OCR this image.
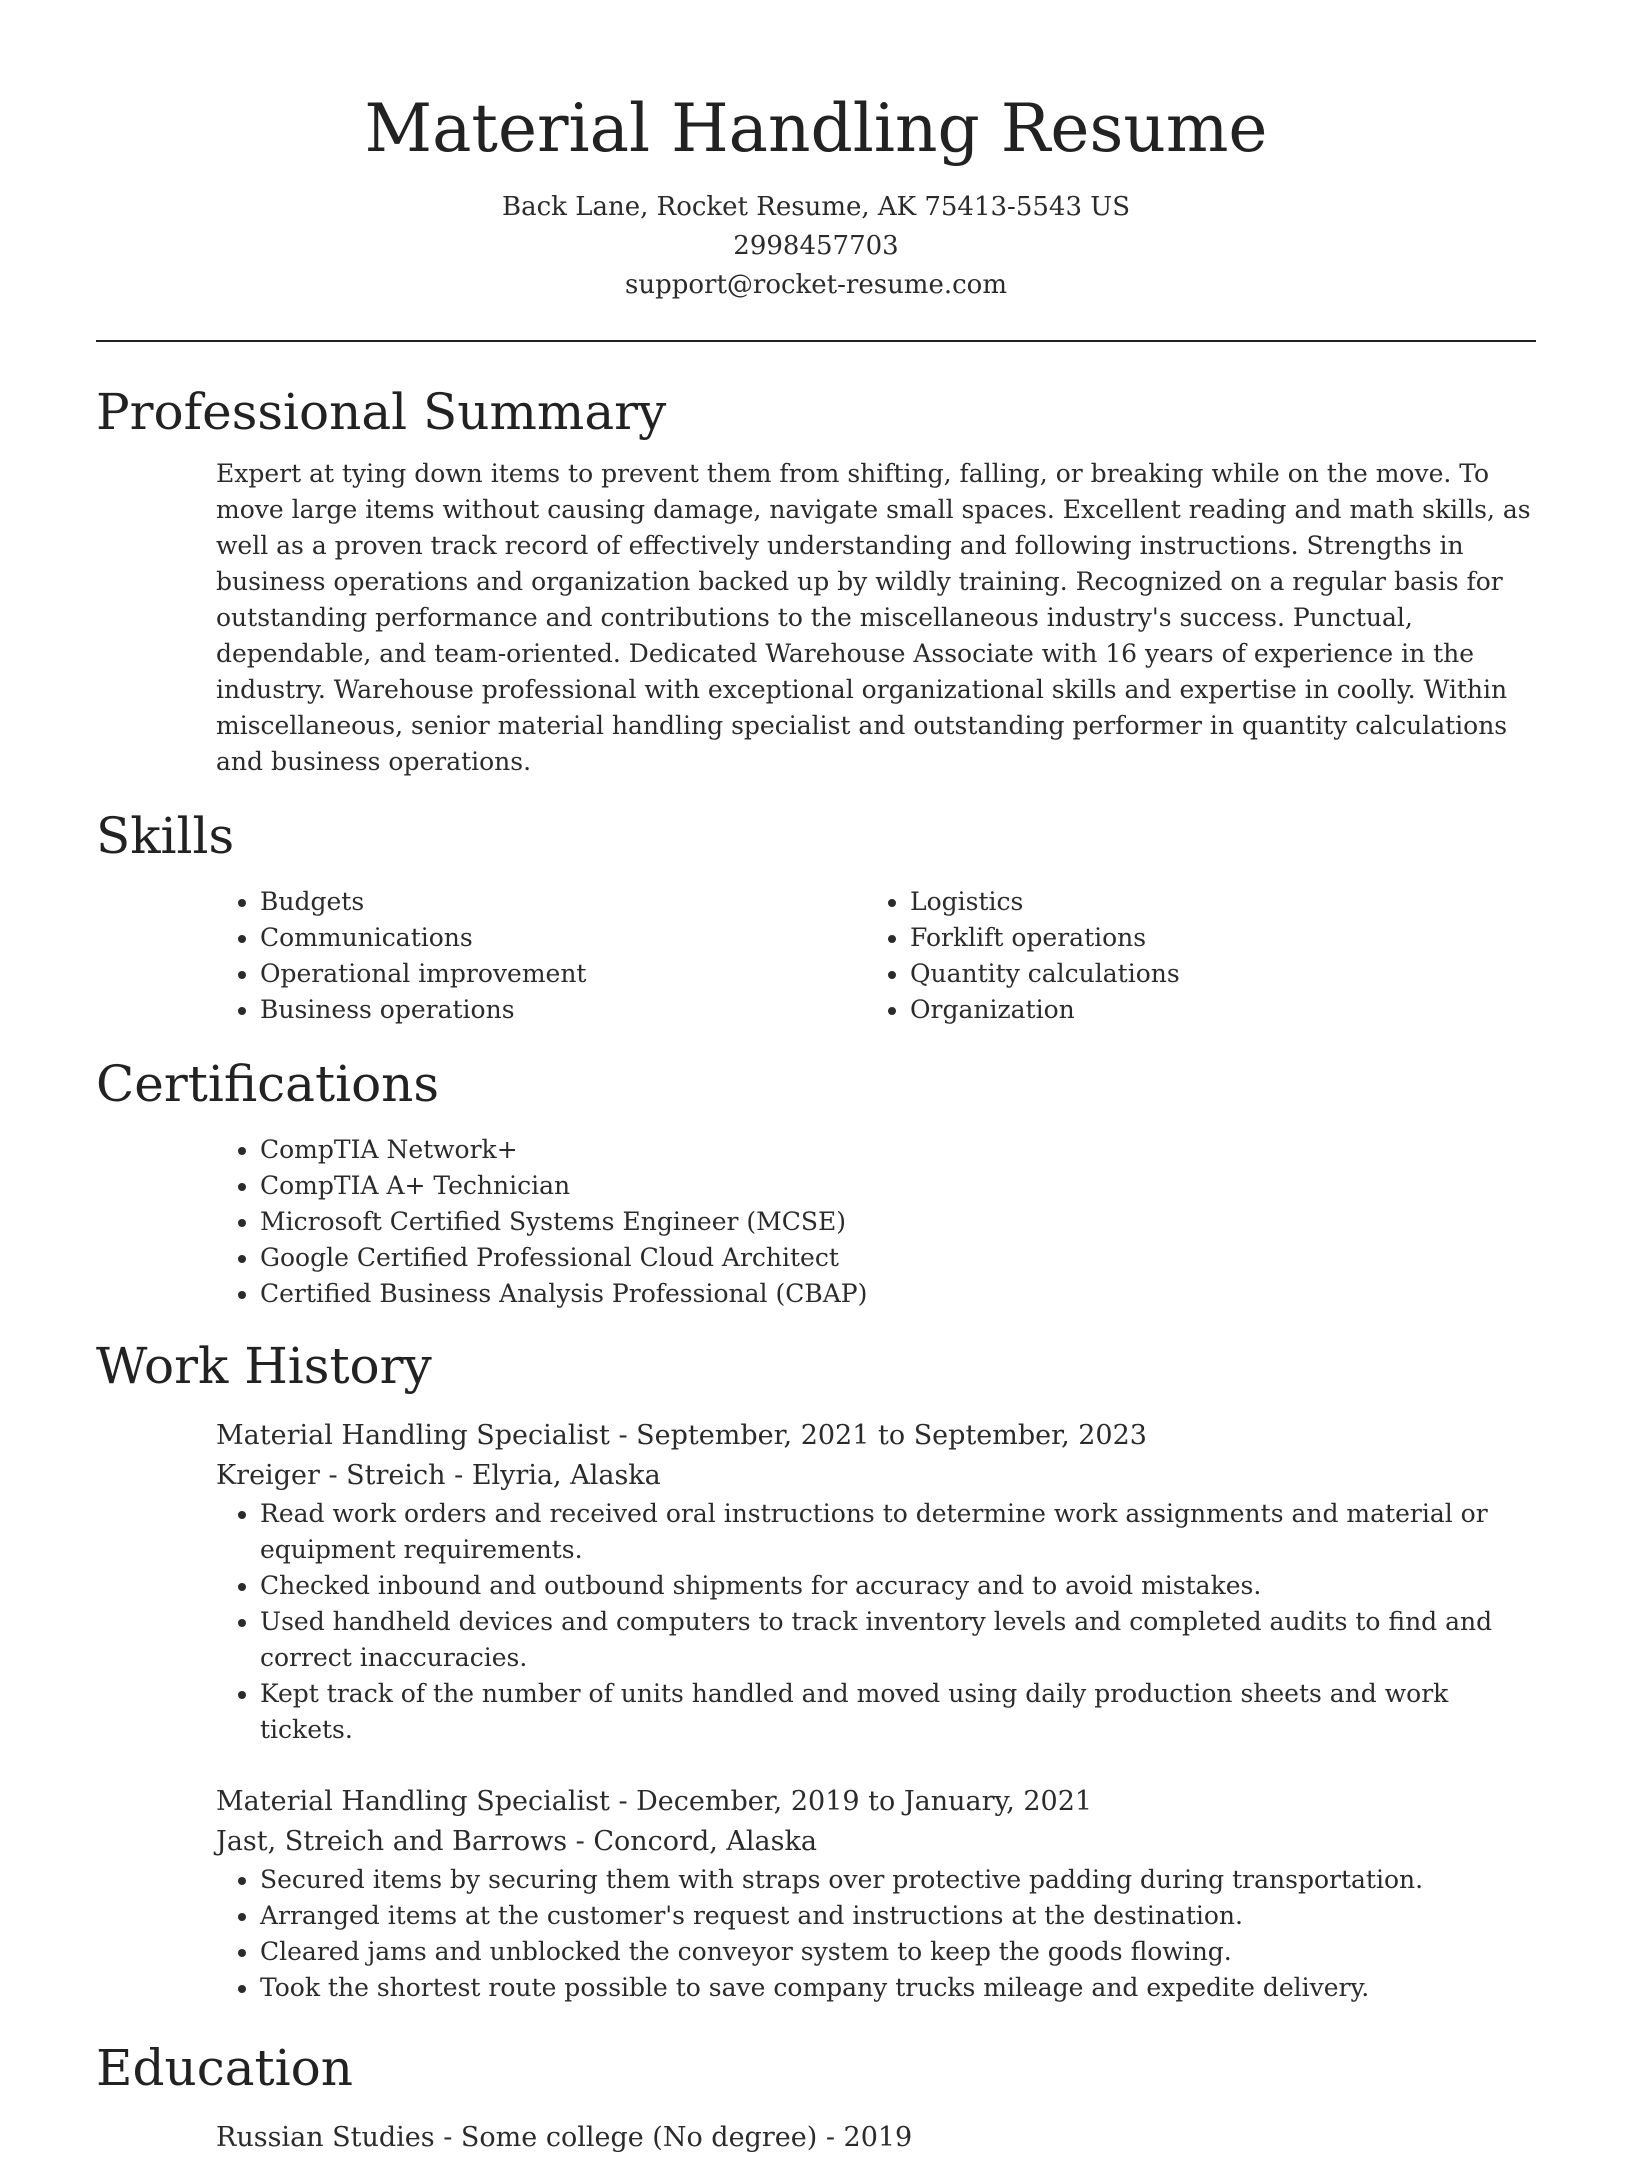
Material Handling Resume
Back Lane, Rocket Resume, AK 75413-5543 US
2998457703
support@rocket-resume.com
Professional Summary

Expert at tying down items to prevent them from shifting, falling, or breaking while on the move. To move large items without causing damage, navigate small spaces. Excellent reading and math skills, as well as a proven track record of effectively understanding and following instructions. Strengths in business operations and organization backed up by wildly training. Recognized on a regular basis for outstanding performance and contributions to the miscellaneous industry's success. Punctual, dependable, and team-oriented. Dedicated Warehouse Associate with 16 years of experience in the industry. Warehouse professional with exceptional organizational skills and expertise in coolly. Within miscellaneous, senior material handling specialist and outstanding performer in quantity calculations and business operations.

Skills
• Budgets
• Communications
• Operational improvement
• Business operations
• Logistics
• Forklift operations
• Quantity calculations
• Organization
Certifications
• CompTIA Network+
• CompTIA A+ Technician
• Microsoft Certified Systems Engineer (MCSE)
• Google Certified Professional Cloud Architect
• Certified Business Analysis Professional (CBAP)
Work History
Material Handling Specialist - September, 2021 to September, 2023
Kreiger - Streich - Elyria, Alaska
• Read work orders and received oral instructions to determine work assignments and material or equipment requirements.
• Checked inbound and outbound shipments for accuracy and to avoid mistakes.
• Used handheld devices and computers to track inventory levels and completed audits to find and correct inaccuracies.
• Kept track of the number of units handled and moved using daily production sheets and work tickets.
Material Handling Specialist - December, 2019 to January, 2021
Jast, Streich and Barrows - Concord, Alaska
• Secured items by securing them with straps over protective padding during transportation.
• Arranged items at the customer's request and instructions at the destination.
• Cleared jams and unblocked the conveyor system to keep the goods flowing.
• Took the shortest route possible to save company trucks mileage and expedite delivery.
Education
Russian Studies - Some college (No degree) - 2019
